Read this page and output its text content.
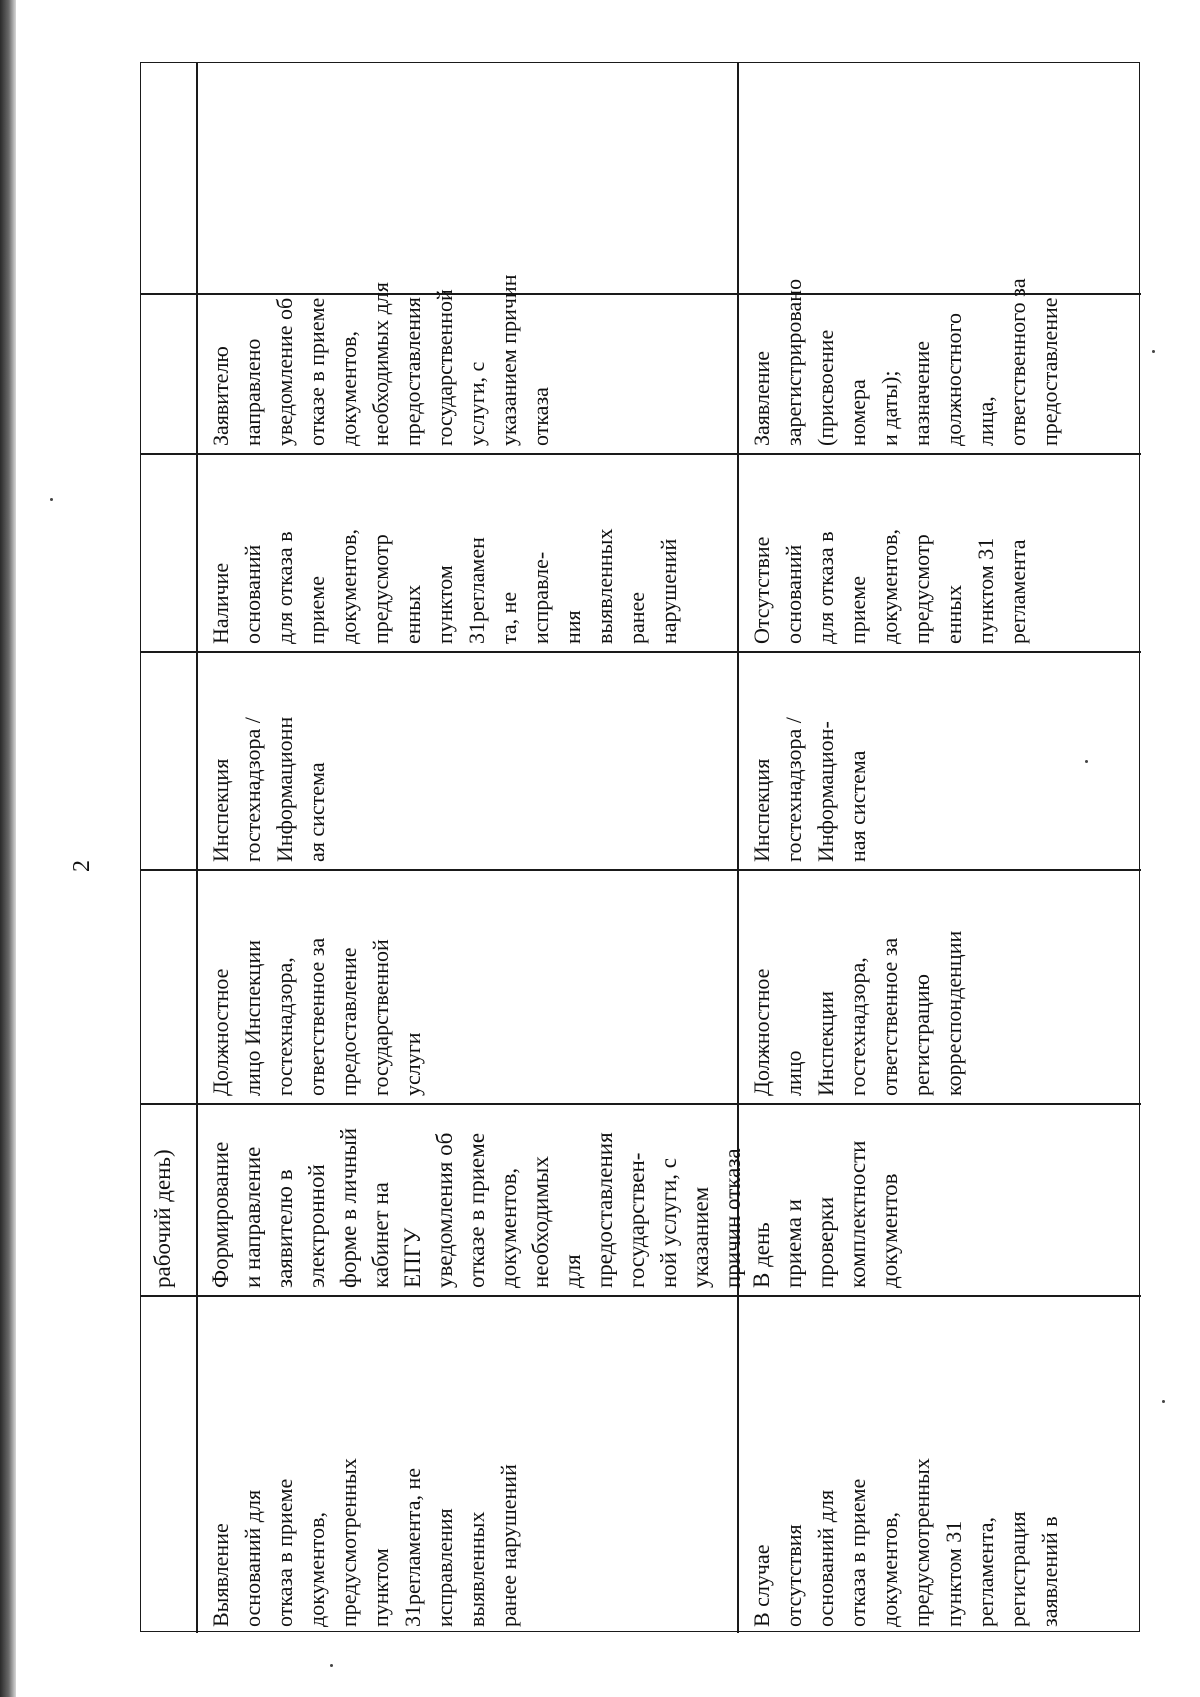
2
рабочий день)
Выявление
оснований для
отказа в приеме
документов,
предусмотренных
пунктом
31регламента, не
исправления
выявленных
ранее нарушений
Формирование
и направление
заявителю в
электронной
форме в личный
кабинет на
ЕПГУ
уведомления об
отказе в приеме
документов,
необходимых
для
предоставления
государствен-
ной услуги, с
указанием
причин отказа
Должностное
лицо Инспекции
гостехнадзора,
ответственное за
предоставление
государственной
услуги
Инспекция
гостехнадзора /
Информационн
ая система
Наличие
оснований
для отказа в
приеме
документов,
предусмотр
енных
пунктом
31регламен
та, не
исправле-
ния
выявленных
ранее
нарушений
Заявителю
направлено
уведомление об
отказе в приеме
документов,
необходимых для
предоставления
государственной
услуги, с
указанием причин
отказа
В случае
отсутствия
оснований для
отказа в приеме
документов,
предусмотренных
пунктом 31
регламента,
регистрация
заявлений в
В день
приема и
проверки
комплектности
документов
Должностное
лицо
Инспекции
гостехнадзора,
ответственное за
регистрацию
корреспонденции
Инспекция
гостехнадзора /
Информацион-
ная система
Отсутствие
оснований
для отказа в
приеме
документов,
предусмотр
енных
пунктом 31
регламента
Заявление
зарегистрировано
(присвоение
номера
и даты);
назначение
должностного
лица,
ответственного за
предоставление
